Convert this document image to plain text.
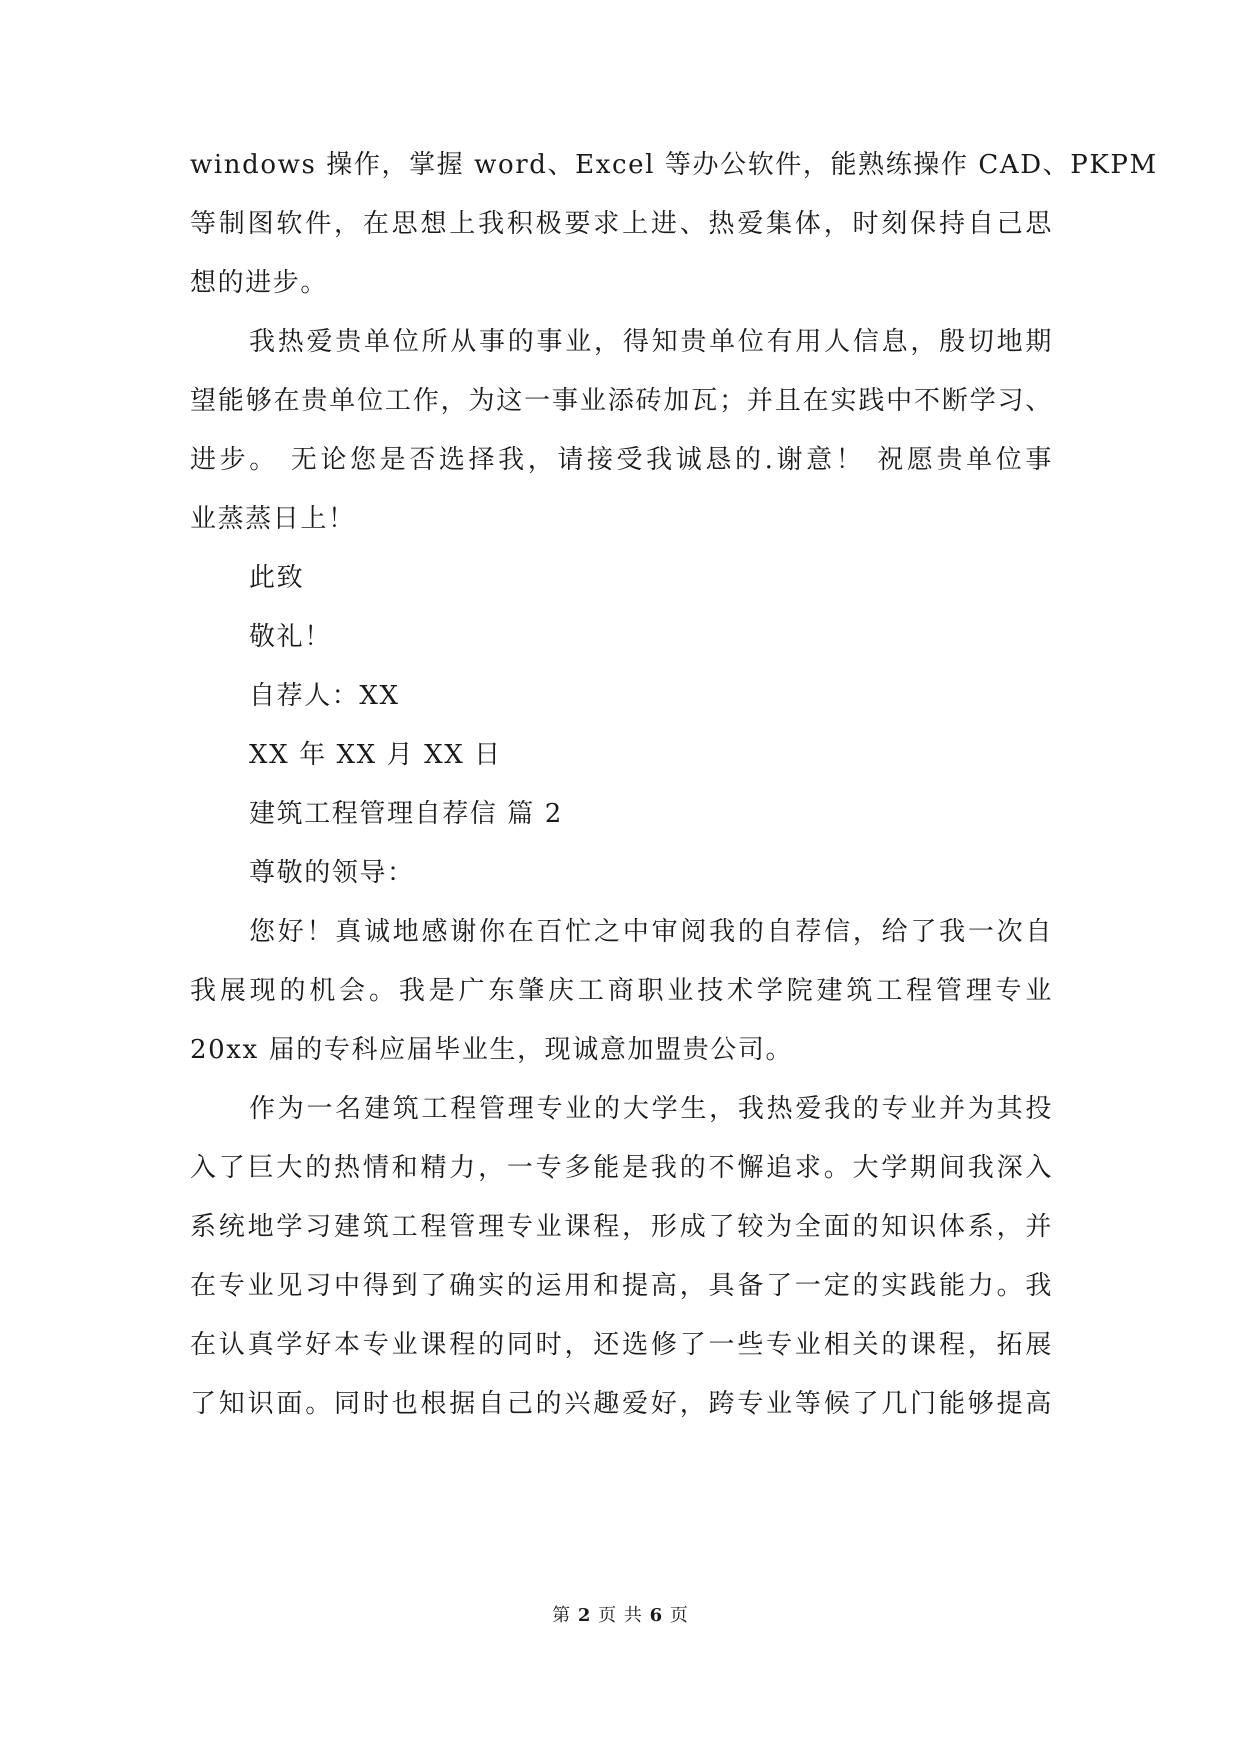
windows 操作，掌握 word、Excel 等办公软件，能熟练操作 CAD、PKPM
等制图软件，在思想上我积极要求上进、热爱集体，时刻保持自己思
想的进步。
我热爱贵单位所从事的事业，得知贵单位有用人信息，殷切地期
望能够在贵单位工作，为这一事业添砖加瓦；并且在实践中不断学习、
进步。 无论您是否选择我，请接受我诚恳的.谢意！ 祝愿贵单位事
业蒸蒸日上！
此致
敬礼！
自荐人：XX
XX 年 XX 月 XX 日
建筑工程管理自荐信 篇 2
尊敬的领导：
您好！真诚地感谢你在百忙之中审阅我的自荐信，给了我一次自
我展现的机会。我是广东肇庆工商职业技术学院建筑工程管理专业
20xx 届的专科应届毕业生，现诚意加盟贵公司。
作为一名建筑工程管理专业的大学生，我热爱我的专业并为其投
入了巨大的热情和精力，一专多能是我的不懈追求。大学期间我深入
系统地学习建筑工程管理专业课程，形成了较为全面的知识体系，并
在专业见习中得到了确实的运用和提高，具备了一定的实践能力。我
在认真学好本专业课程的同时，还选修了一些专业相关的课程，拓展
了知识面。同时也根据自己的兴趣爱好，跨专业等候了几门能够提高
第 2 页 共 6 页
